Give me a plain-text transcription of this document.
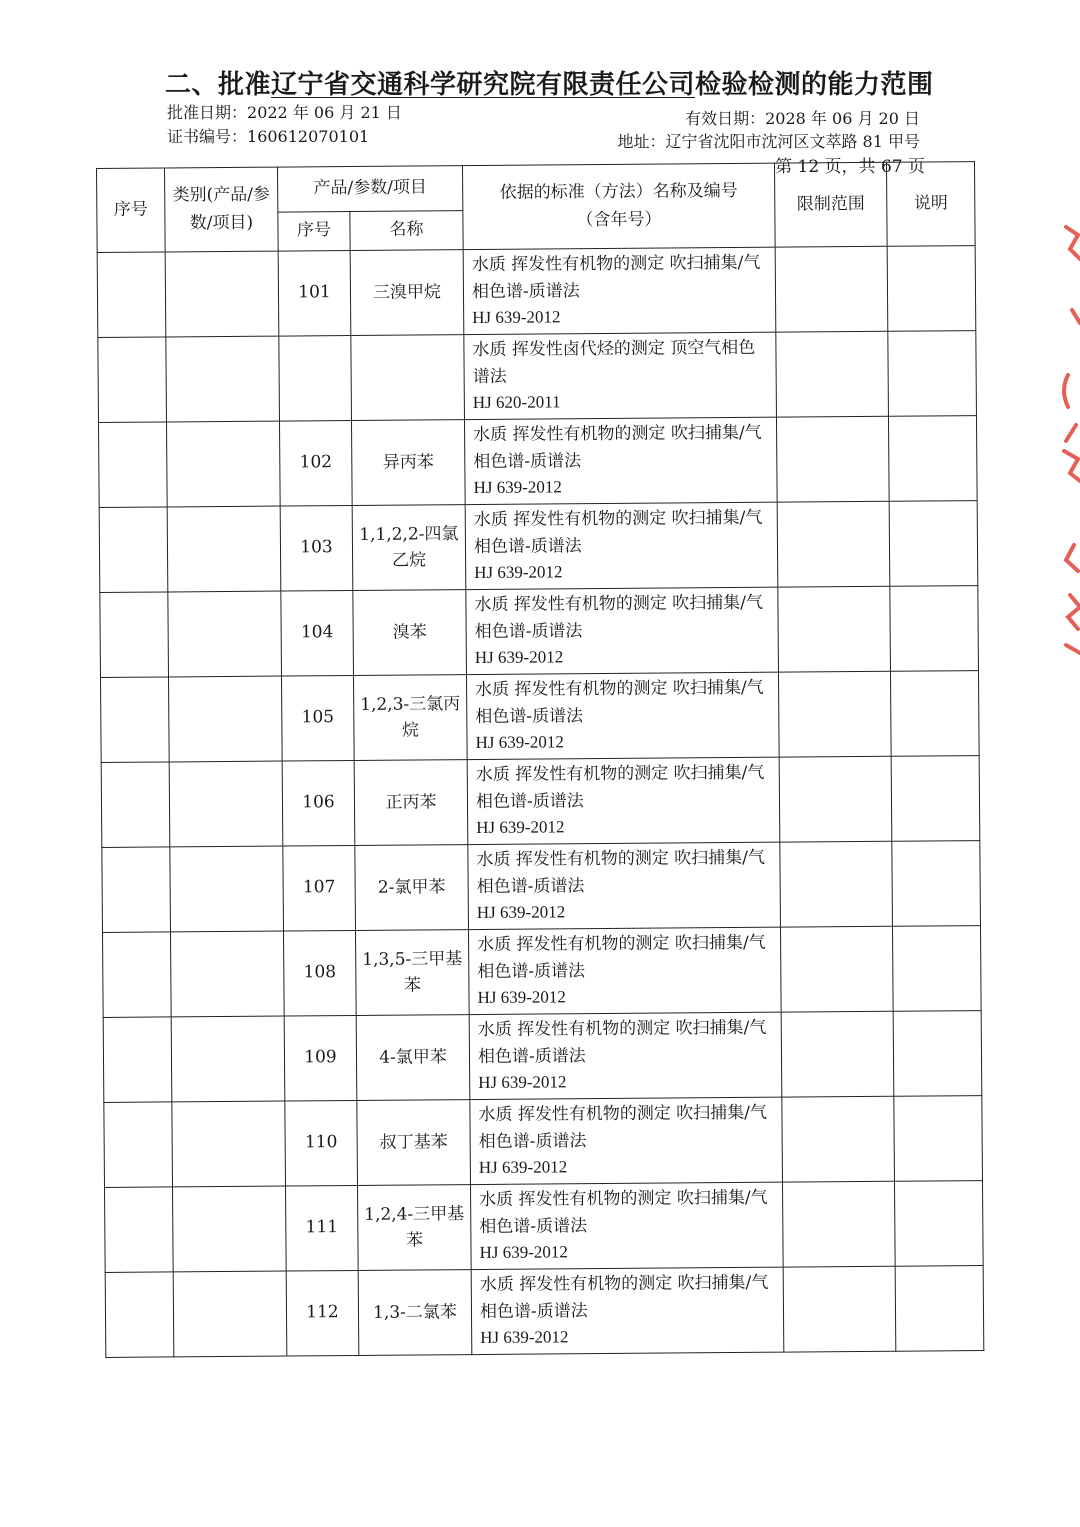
二、批准辽宁省交通科学研究院有限责任公司检验检测的能力范围
批准日期：2022 年 06 月 21 日
证书编号：160612070101
有效日期：2028 年 06 月 20 日
地址：辽宁省沈阳市沈河区文萃路 81 甲号
第 12 页，共 67 页
序号	类别(产品/参数/项目)	产品/参数/项目		依据的标准（方法）名称及编号（含年号）	限制范围	说明
		序号	名称			
		101	三溴甲烷	水质 挥发性有机物的测定 吹扫捕集/气相色谱-质谱法
HJ 639-2012		

				水质 挥发性卤代烃的测定 顶空气相色谱法
HJ 620-2011		

		102	异丙苯	水质 挥发性有机物的测定 吹扫捕集/气相色谱-质谱法
HJ 639-2012		

		103	1,1,2,2-四氯乙烷	水质 挥发性有机物的测定 吹扫捕集/气相色谱-质谱法
HJ 639-2012		

		104	溴苯	水质 挥发性有机物的测定 吹扫捕集/气相色谱-质谱法
HJ 639-2012		

		105	1,2,3-三氯丙烷	水质 挥发性有机物的测定 吹扫捕集/气相色谱-质谱法
HJ 639-2012		

		106	正丙苯	水质 挥发性有机物的测定 吹扫捕集/气相色谱-质谱法
HJ 639-2012		

		107	2-氯甲苯	水质 挥发性有机物的测定 吹扫捕集/气相色谱-质谱法
HJ 639-2012		

		108	1,3,5-三甲基苯	水质 挥发性有机物的测定 吹扫捕集/气相色谱-质谱法
HJ 639-2012		

		109	4-氯甲苯	水质 挥发性有机物的测定 吹扫捕集/气相色谱-质谱法
HJ 639-2012		

		110	叔丁基苯	水质 挥发性有机物的测定 吹扫捕集/气相色谱-质谱法
HJ 639-2012		

		111	1,2,4-三甲基苯	水质 挥发性有机物的测定 吹扫捕集/气相色谱-质谱法
HJ 639-2012		

		112	1,3-二氯苯	水质 挥发性有机物的测定 吹扫捕集/气相色谱-质谱法
HJ 639-2012		
